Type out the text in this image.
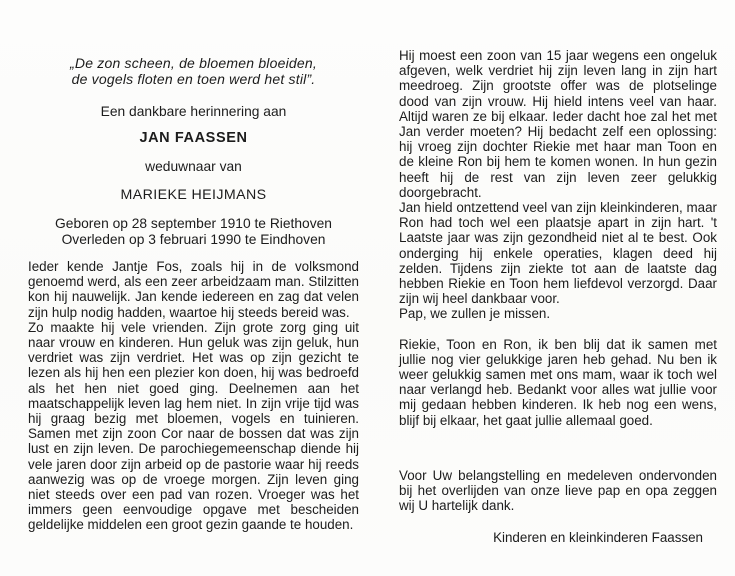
„De zon scheen, de bloemen bloeiden,
de vogels floten en toen werd het stil”.
Een dankbare herinnering aan
JAN FAASSEN
weduwnaar van
MARIEKE HEIJMANS
Geboren op 28 september 1910 te Riethoven
Overleden op 3 februari 1990 te Eindhoven

Ieder kende Jantje Fos, zoals hij in de volksmond genoemd werd, als een zeer arbeidzaam man. Stilzitten kon hij nauwelijk. Jan kende iedereen en zag dat velen zijn hulp nodig hadden, waartoe hij steeds bereid was.

Zo maakte hij vele vrienden. Zijn grote zorg ging uit naar vrouw en kinderen. Hun geluk was zijn geluk, hun verdriet was zijn verdriet. Het was op zijn gezicht te lezen als hij hen een plezier kon doen, hij was bedroefd als het hen niet goed ging. Deelnemen aan het maatschappelijk leven lag hem niet. In zijn vrije tijd was hij graag bezig met bloemen, vogels en tuinieren. Samen met zijn zoon Cor naar de bossen dat was zijn lust en zijn leven. De parochiegemeenschap diende hij vele jaren door zijn arbeid op de pastorie waar hij reeds aanwezig was op de vroege morgen. Zijn leven ging niet steeds over een pad van rozen. Vroeger was het immers geen eenvoudige opgave met bescheiden geldelijke middelen een groot gezin gaande te houden.

Hij moest een zoon van 15 jaar wegens een ongeluk afgeven, welk verdriet hij zijn leven lang in zijn hart meedroeg. Zijn grootste offer was de plotselinge dood van zijn vrouw. Hij hield intens veel van haar. Altijd waren ze bij elkaar. Ieder dacht hoe zal het met Jan verder moeten? Hij bedacht zelf een oplossing: hij vroeg zijn dochter Riekie met haar man Toon en de kleine Ron bij hem te komen wonen. In hun gezin heeft hij de rest van zijn leven zeer gelukkig doorgebracht.

Jan hield ontzettend veel van zijn kleinkinderen, maar Ron had toch wel een plaatsje apart in zijn hart. 't Laatste jaar was zijn gezondheid niet al te best. Ook onderging hij enkele operaties, klagen deed hij zelden. Tijdens zijn ziekte tot aan de laatste dag hebben Riekie en Toon hem liefdevol verzorgd. Daar zijn wij heel dankbaar voor.

Pap, we zullen je missen.

Riekie, Toon en Ron, ik ben blij dat ik samen met jullie nog vier gelukkige jaren heb gehad. Nu ben ik weer gelukkig samen met ons mam, waar ik toch wel naar verlangd heb. Bedankt voor alles wat jullie voor mij gedaan hebben kinderen. Ik heb nog een wens, blijf bij elkaar, het gaat jullie allemaal goed.

Voor Uw belangstelling en medeleven ondervonden bij het overlijden van onze lieve pap en opa zeggen wij U hartelijk dank.
Kinderen en kleinkinderen Faassen
